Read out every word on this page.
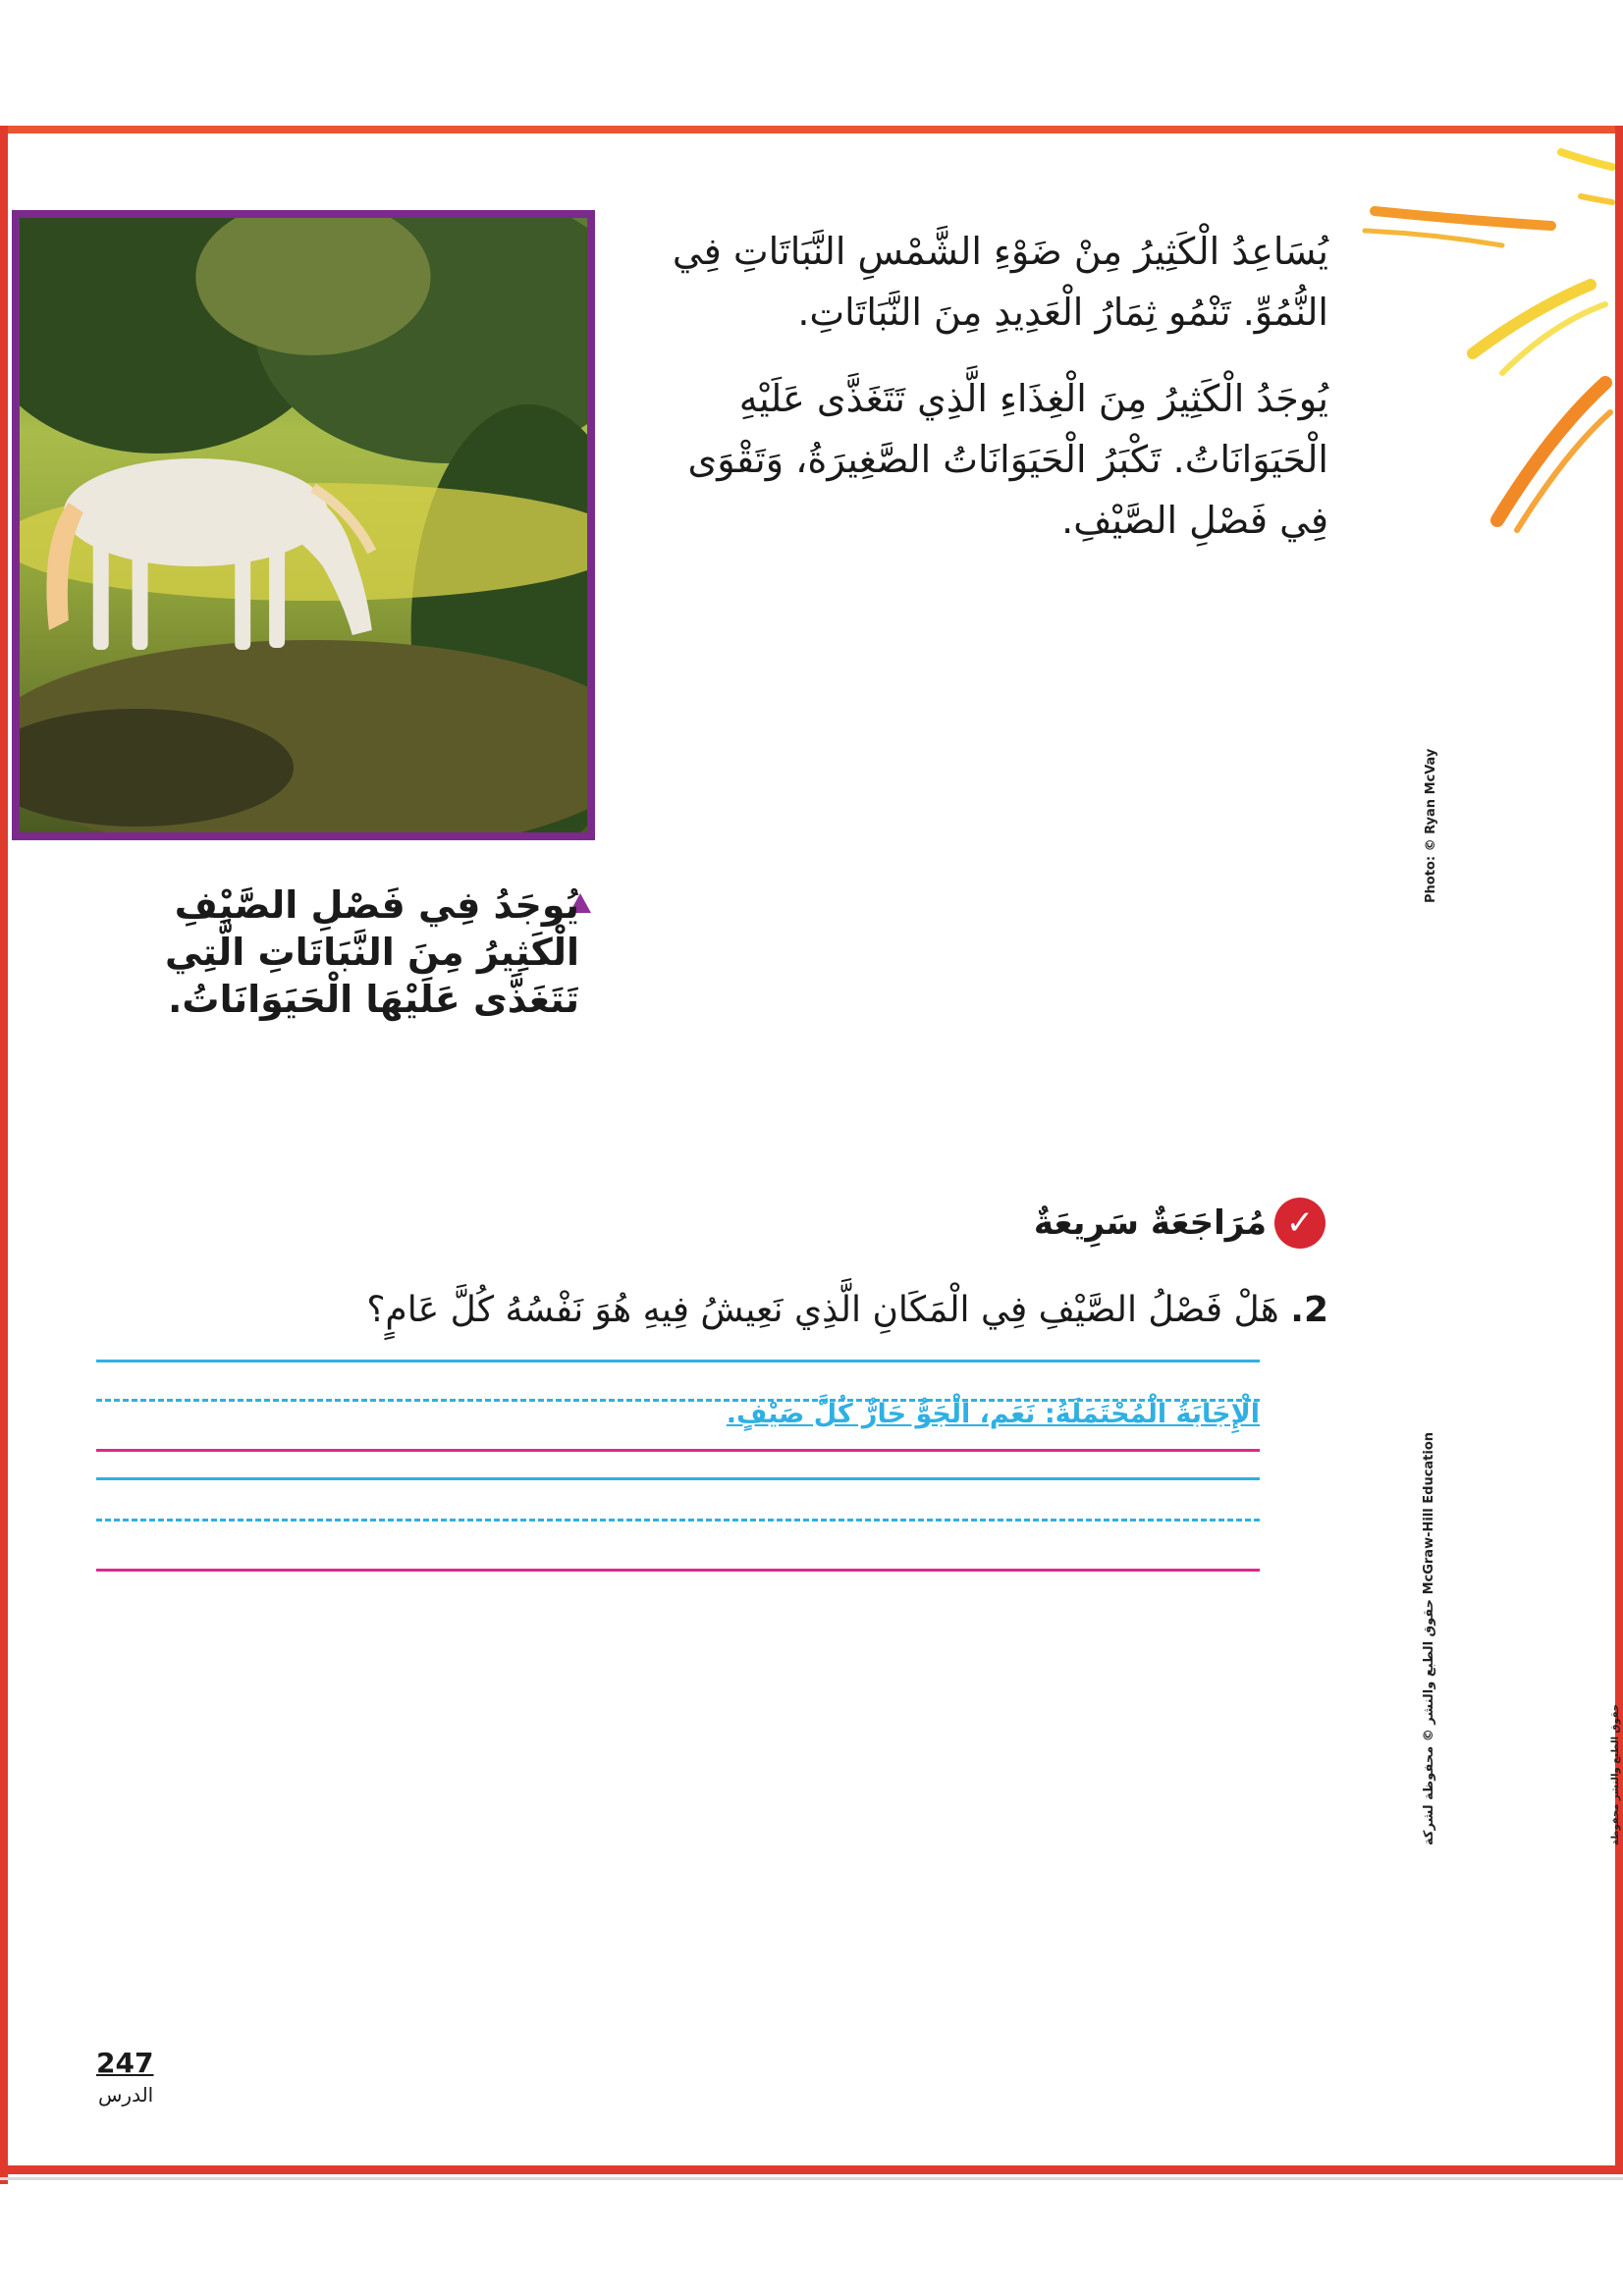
يُسَاعِدُ الْكَثِيرُ مِنْ ضَوْءِ الشَّمْسِ النَّبَاتَاتِ فِي النُّمُوِّ. تَنْمُو ثِمَارُ الْعَدِيدِ مِنَ النَّبَاتَاتِ.

يُوجَدُ الْكَثِيرُ مِنَ الْغِذَاءِ الَّذِي تَتَغَذَّى عَلَيْهِ الْحَيَوَانَاتُ. تَكْبَرُ الْحَيَوَانَاتُ الصَّغِيرَةُ، وَتَقْوَى فِي فَصْلِ الصَّيْفِ.

يُوجَدُ فِي فَصْلِ الصَّيْفِ الْكَثِيرُ مِنَ النَّبَاتَاتِ الَّتِي تَتَغَذَّى عَلَيْهَا الْحَيَوَانَاتُ.
✓
مُرَاجَعَةٌ سَرِيعَةٌ
2. هَلْ فَصْلُ الصَّيْفِ فِي الْمَكَانِ الَّذِي نَعِيشُ فِيهِ هُوَ نَفْسُهُ كُلَّ عَامٍ؟
الْإِجَابَةُ الْمُحْتَمَلَةُ: نَعَم، الْجَوُّ حَارٌّ كُلَّ صَيْفٍ.
Photo: © Ryan McVay
حقوق الطبع والنشر © محفوظة لشركة McGraw-Hill Education
حقوق الطبع والنشر محفوظة
247
الدرس
